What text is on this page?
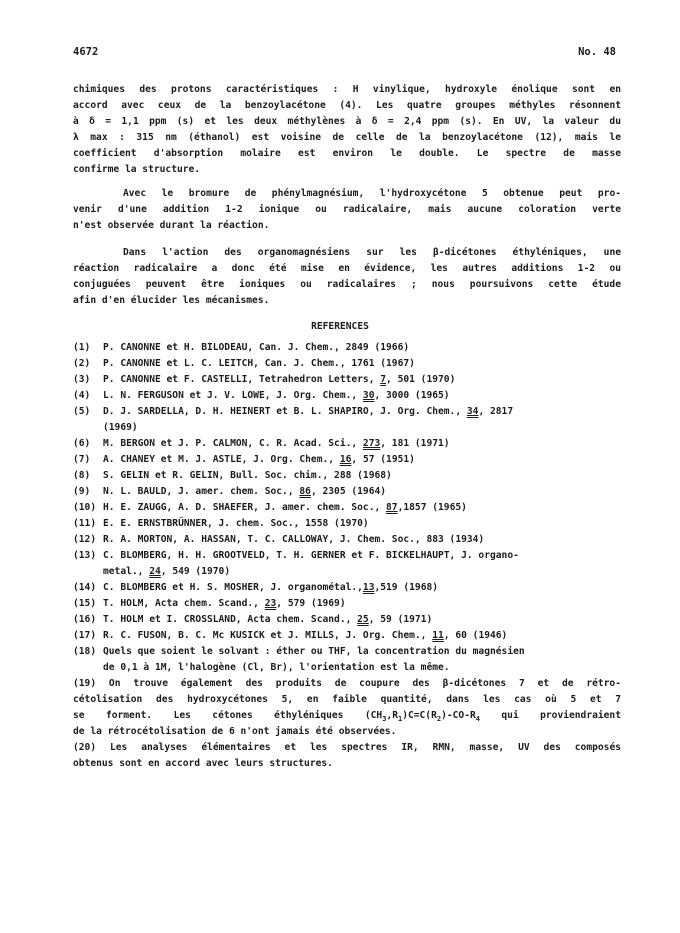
4672	No. 48
chimiques des protons caractéristiques : H vinylique, hydroxyle énolique sont en
accord avec ceux de la benzoylacétone (4). Les quatre groupes méthyles résonnent
à δ = 1,1 ppm (s) et les deux méthylènes à δ = 2,4 ppm (s). En UV, la valeur du
λ max : 315 nm (éthanol) est voisine de celle de la benzoylacétone (12), mais le
coefficient d'absorption molaire est environ le double. Le spectre de masse
confirme la structure.
Avec le bromure de phénylmagnésium, l'hydroxycétone 5 obtenue peut pro-
venir d'une addition 1-2 ionique ou radicalaire, mais aucune coloration verte
n'est observée durant la réaction.
Dans l'action des organomagnésiens sur les β-dicétones éthyléniques, une
réaction radicalaire a donc été mise en évidence, les autres additions 1-2 ou
conjuguées peuvent être ioniques ou radicalaires ; nous poursuivons cette étude
afin d'en élucider les mécanismes.
REFERENCES
(1)	P. CANONNE et H. BILODEAU, Can. J. Chem., 2849 (1966)
(2)	P. CANONNE et L. C. LEITCH, Can. J. Chem., 1761 (1967)
(3)	P. CANONNE et F. CASTELLI, Tetrahedron Letters, 7, 501 (1970)
(4)	L. N. FERGUSON et J. V. LOWE, J. Org. Chem., 30, 3000 (1965)
(5)	D. J. SARDELLA, D. H. HEINERT et B. L. SHAPIRO, J. Org. Chem., 34, 2817
(1969)
(6)	M. BERGON et J. P. CALMON, C. R. Acad. Sci., 273, 181 (1971)
(7)	A. CHANEY et M. J. ASTLE, J. Org. Chem., 16, 57 (1951)
(8)	S. GELIN et R. GELIN, Bull. Soc. chim., 288 (1968)
(9)	N. L. BAULD, J. amer. chem. Soc., 86, 2305 (1964)
(10) H. E. ZAUGG, A. D. SHAEFER, J. amer. chem. Soc., 87,1857 (1965)
(11) E. E. ERNSTBRÜNNER, J. chem. Soc., 1558 (1970)
(12) R. A. MORTON, A. HASSAN, T. C. CALLOWAY, J. Chem. Soc., 883 (1934)
(13) C. BLOMBERG, H. H. GROOTVELD, T. H. GERNER et F. BICKELHAUPT, J. organo-
metal., 24, 549 (1970)
(14) C. BLOMBERG et H. S. MOSHER, J. organométal.,13,519 (1968)
(15) T. HOLM, Acta chem. Scand., 23, 579 (1969)
(16) T. HOLM et I. CROSSLAND, Acta chem. Scand., 25, 59 (1971)
(17) R. C. FUSON, B. C. Mc KUSICK et J. MILLS, J. Org. Chem., 11, 60 (1946)
(18) Quels que soient le solvant : éther ou THF, la concentration du magnésien
de 0,1 à 1M, l'halogène (Cl, Br), l'orientation est la même.
(19) On trouve également des produits de coupure des β-dicétones 7 et de rétro-
cétolisation des hydroxycétones 5, en faible quantité, dans les cas où 5 et 7
se forment. Les cétones éthyléniques $(CH_3,R_1)C=C(R_2)-CO-R_4$ qui proviendraient
de la rétrocétolisation de 6 n'ont jamais été observées.
(20) Les analyses élémentaires et les spectres IR, RMN, masse, UV des composés
obtenus sont en accord avec leurs structures.
